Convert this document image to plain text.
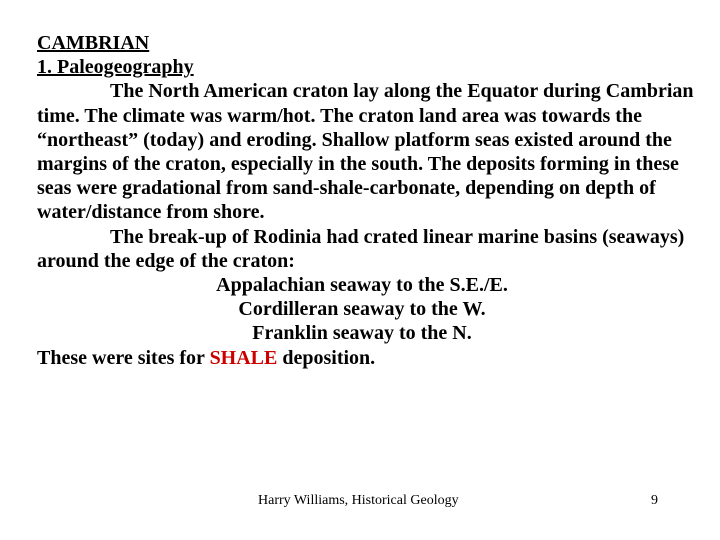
CAMBRIAN
1. Paleogeography
The North American craton lay along the Equator during Cambrian time. The climate was warm/hot. The craton land area was towards the “northeast” (today) and eroding. Shallow platform seas existed around the margins of the craton, especially in the south. The deposits forming in these seas were gradational from sand-shale-carbonate, depending on depth of water/distance from shore.
The break-up of Rodinia had crated linear marine basins (seaways) around the edge of the craton:
Appalachian seaway to the S.E./E.
Cordilleran seaway to the W.
Franklin seaway to the N.
These were sites for SHALE deposition.
Harry Williams, Historical Geology	9
